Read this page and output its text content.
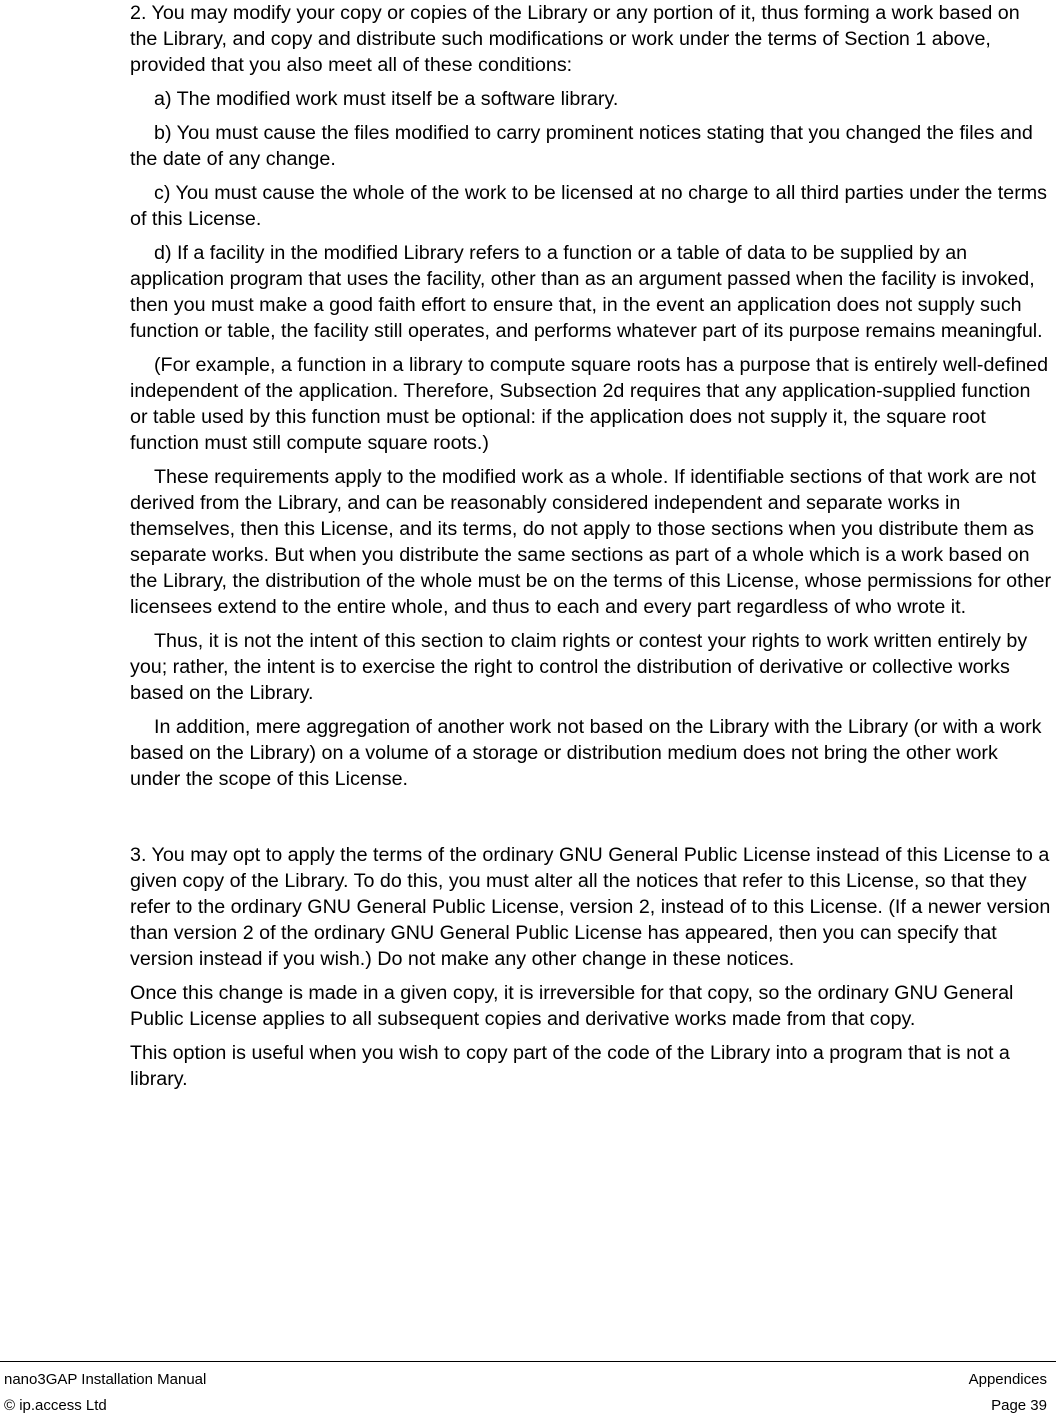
2. You may modify your copy or copies of the Library or any portion of it, thus forming a work based on the Library, and copy and distribute such modifications or work under the terms of Section 1 above, provided that you also meet all of these conditions:

a) The modified work must itself be a software library.

b) You must cause the files modified to carry prominent notices stating that you changed the files and the date of any change.

c) You must cause the whole of the work to be licensed at no charge to all third parties under the terms of this License.

d) If a facility in the modified Library refers to a function or a table of data to be supplied by an application program that uses the facility, other than as an argument passed when the facility is invoked, then you must make a good faith effort to ensure that, in the event an application does not supply such function or table, the facility still operates, and performs whatever part of its purpose remains meaningful.

(For example, a function in a library to compute square roots has a purpose that is entirely well-defined independent of the application. Therefore, Subsection 2d requires that any application-supplied function or table used by this function must be optional: if the application does not supply it, the square root function must still compute square roots.)

These requirements apply to the modified work as a whole. If identifiable sections of that work are not derived from the Library, and can be reasonably considered independent and separate works in themselves, then this License, and its terms, do not apply to those sections when you distribute them as separate works. But when you distribute the same sections as part of a whole which is a work based on the Library, the distribution of the whole must be on the terms of this License, whose permissions for other licensees extend to the entire whole, and thus to each and every part regardless of who wrote it.

Thus, it is not the intent of this section to claim rights or contest your rights to work written entirely by you; rather, the intent is to exercise the right to control the distribution of derivative or collective works based on the Library.

In addition, mere aggregation of another work not based on the Library with the Library (or with a work based on the Library) on a volume of a storage or distribution medium does not bring the other work under the scope of this License.

3. You may opt to apply the terms of the ordinary GNU General Public License instead of this License to a given copy of the Library. To do this, you must alter all the notices that refer to this License, so that they refer to the ordinary GNU General Public License, version 2, instead of to this License. (If a newer version than version 2 of the ordinary GNU General Public License has appeared, then you can specify that version instead if you wish.) Do not make any other change in these notices.

Once this change is made in a given copy, it is irreversible for that copy, so the ordinary GNU General Public License applies to all subsequent copies and derivative works made from that copy.

This option is useful when you wish to copy part of the code of the Library into a program that is not a library.

nano3GAP Installation Manual	Appendices
© ip.access Ltd	Page 39
